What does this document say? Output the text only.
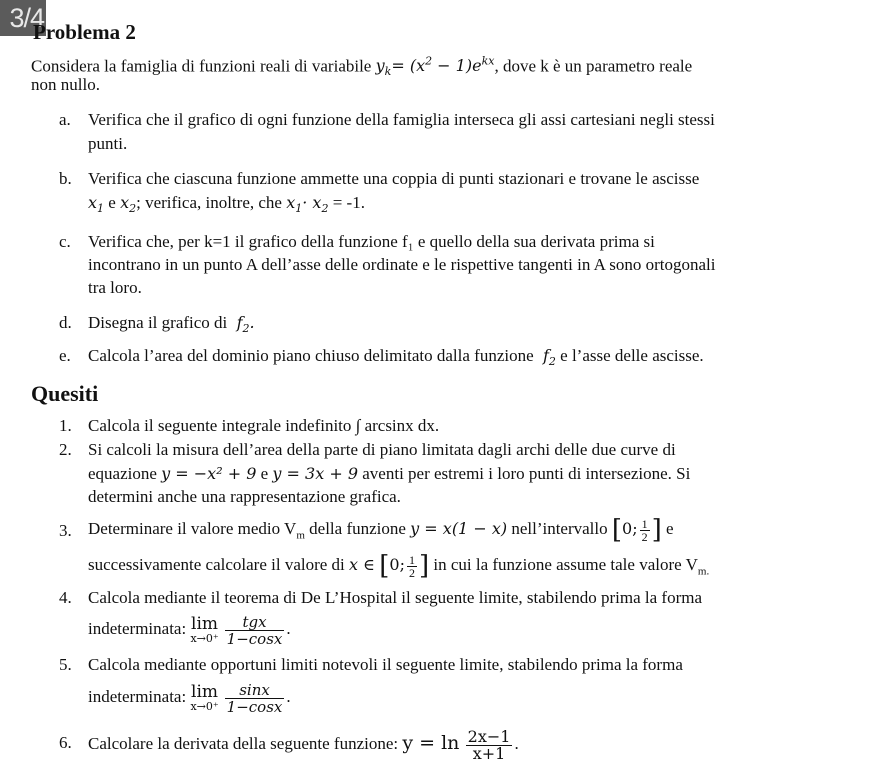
3/4
Problema 2
Considera la famiglia di funzioni reali di variabile $y_k= (x^2 - 1)e^{kx}$, dove k è un parametro reale
non nullo.
a. Verifica che il grafico di ogni funzione della famiglia interseca gli assi cartesiani negli stessi
punti.
b. Verifica che ciascuna funzione ammette una coppia di punti stazionari e trovane le ascisse
$x_1$ e $x_2$; verifica, inoltre, che $x_1\cdot x_2 = -1$.
c. Verifica che, per k=1 il grafico della funzione f₁ e quello della sua derivata prima si
incontrano in un punto A dell’asse delle ordinate e le rispettive tangenti in A sono ortogonali
tra loro.
d. Disegna il grafico di  $f_2$.
e. Calcola l’area del dominio piano chiuso delimitato dalla funzione  $f_2$ e l’asse delle ascisse.
Quesiti
1. Calcola il seguente integrale indefinito ∫ arcsinx dx.
2. Si calcoli la misura dell’area della parte di piano limitata dagli archi delle due curve di
equazione y = −x² + 9 e y = 3x + 9 aventi per estremi i loro punti di intersezione. Si
determini anche una rappresentazione grafica.
3. Determinare il valore medio $V_m$ della funzione y = x(1 − x) nell’intervallo [0; $\frac{1}{2}$ ] e
successivamente calcolare il valore di x ∈ [0; $\frac{1}{2}$ ] in cui la funzione assume tale valore $V_{m.}$
4. Calcola mediante il teorema di De L’Hospital il seguente limite, stabilendo prima la forma
indeterminata: lim
$x\to 0^+ \frac{\text{tgx}}{1-\cos x}$ .
5. Calcola mediante opportuni limiti notevoli il seguente limite, stabilendo prima la forma
indeterminata: lim
$x\to 0^+ \frac{\sin x}{1-\cos x}$ .
6. Calcolare la derivata della seguente funzione: $y = \ln \frac{2x-1}{x+1}$ .
